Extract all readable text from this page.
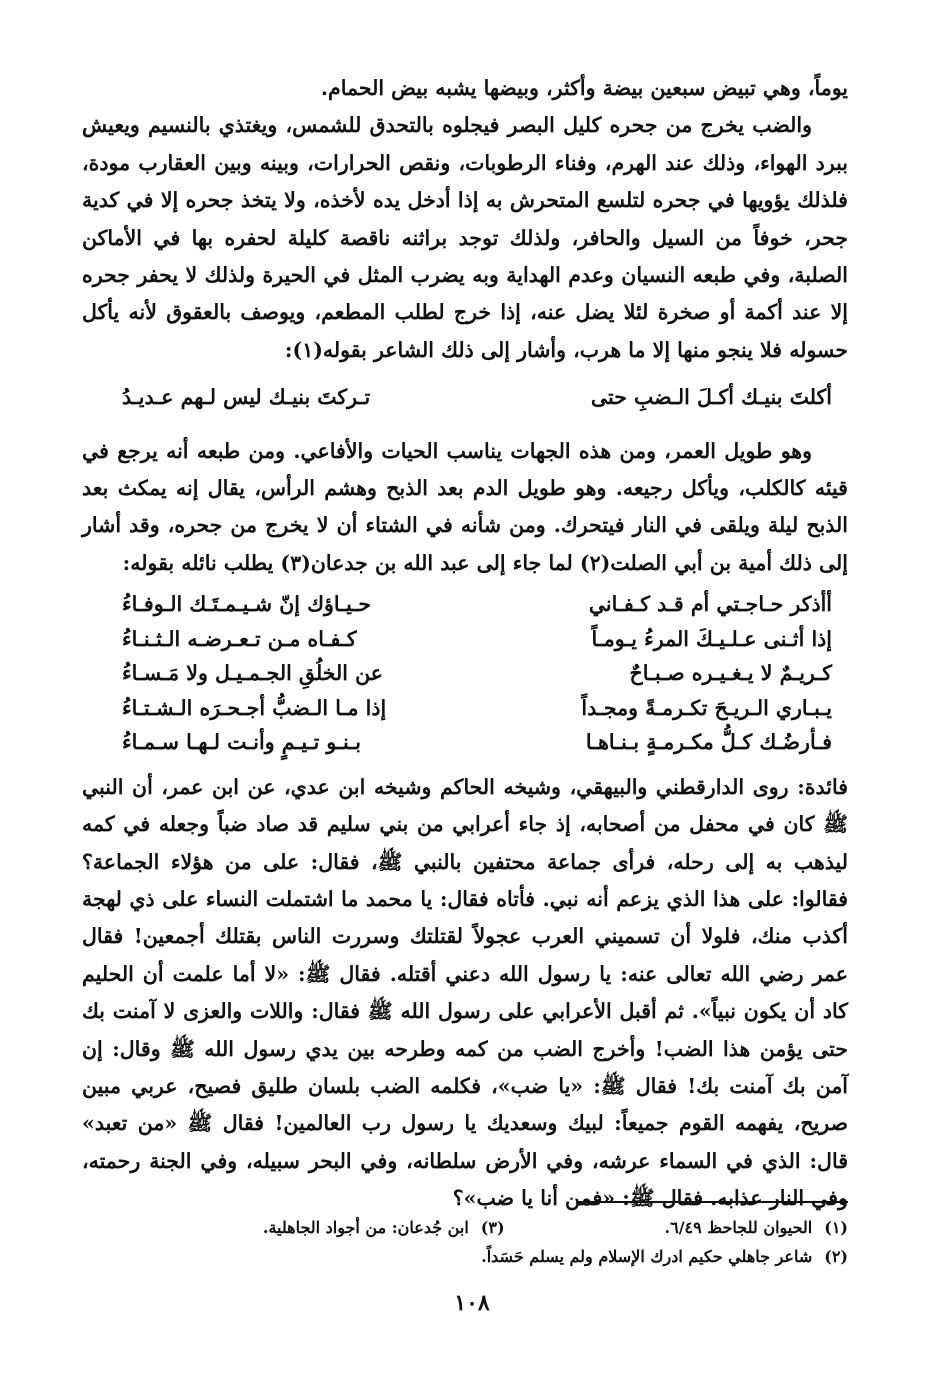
يوماً، وهي تبيض سبعين بيضة وأكثر، وبيضها يشبه بيض الحمام.

والضب يخرج من جحره كليل البصر فيجلوه بالتحدق للشمس، ويغتذي بالنسيم ويعيش ببرد الهواء، وذلك عند الهرم، وفناء الرطوبات، ونقص الحرارات، وبينه وبين العقارب مودة، فلذلك يؤويها في جحره لتلسع المتحرش به إذا أدخل يده لأخذه، ولا يتخذ جحره إلا في كدية جحر، خوفاً من السيل والحافر، ولذلك توجد براثنه ناقصة كليلة لحفره بها في الأماكن الصلبة، وفي طبعه النسيان وعدم الهداية وبه يضرب المثل في الحيرة ولذلك لا يحفر جحره إلا عند أكمة أو صخرة لئلا يضل عنه، إذا خرج لطلب المطعم، ويوصف بالعقوق لأنه يأكل حسوله فلا ينجو منها إلا ما هرب، وأشار إلى ذلك الشاعر بقوله(١):

أكلتَ بنيـك أكـلَ الـضبِ حتى
تـركتَ بنيـك ليس لـهم عـديـدُ

وهو طويل العمر، ومن هذه الجهات يناسب الحيات والأفاعي. ومن طبعه أنه يرجع في قيئه كالكلب، ويأكل رجيعه. وهو طويل الدم بعد الذبح وهشم الرأس، يقال إنه يمكث بعد الذبح ليلة ويلقى في النار فيتحرك. ومن شأنه في الشتاء أن لا يخرج من جحره، وقد أشار إلى ذلك أمية بن أبي الصلت(٢) لما جاء إلى عبد الله بن جدعان(٣) يطلب نائله بقوله:

أأذكر حـاجـتي أم قـد كـفـاني
حـيـاؤك إنّ شـيـمـتَـك الـوفـاءُ
إذا أثـنى عـلـيـكَ المرءُ يـومـاً
كـفـاه مـن تـعـرضـه الـثـنـاءُ
كـريـمٌ لا يـغـيـره صـبـاحٌ
عن الخلُقِ الجـمـيـل ولا مَـسـاءُ
يـبـاري الـريـحَ تكـرمـةً ومجـداً
إذا مـا الـضبُّ أجـحـرَه الـشـتـاءُ
فـأرضُـك كـلُّ مكـرمـةٍ بـنـاهـا
بـنـو تـيـمٍ وأنـت لـهـا سـمـاءُ

فائدة: روى الدارقطني والبيهقي، وشيخه الحاكم وشيخه ابن عدي، عن ابن عمر، أن النبي ﷺ كان في محفل من أصحابه، إذ جاء أعرابي من بني سليم قد صاد ضباً وجعله في كمه ليذهب به إلى رحله، فرأى جماعة محتفين بالنبي ﷺ، فقال: على من هؤلاء الجماعة؟ فقالوا: على هذا الذي يزعم أنه نبي. فأتاه فقال: يا محمد ما اشتملت النساء على ذي لهجة أكذب منك، فلولا أن تسميني العرب عجولاً لقتلتك وسررت الناس بقتلك أجمعين! فقال عمر رضي الله تعالى عنه: يا رسول الله دعني أقتله. فقال ﷺ: «لا أما علمت أن الحليم كاد أن يكون نبياً». ثم أقبل الأعرابي على رسول الله ﷺ فقال: واللات والعزى لا آمنت بك حتى يؤمن هذا الضب! وأخرج الضب من كمه وطرحه بين يدي رسول الله ﷺ وقال: إن آمن بك آمنت بك! فقال ﷺ: «يا ضب»، فكلمه الضب بلسان طليق فصيح، عربي مبين صريح، يفهمه القوم جميعاً: لبيك وسعديك يا رسول رب العالمين! فقال ﷺ «من تعبد» قال: الذي في السماء عرشه، وفي الأرض سلطانه، وفي البحر سبيله، وفي الجنة رحمته، وفي النار عذابه. فقال ﷺ: «فمن أنا يا ضب»؟

(١)الحيوان للجاحظ ٦/٤٩.
(٣)ابن جُدعان: من أجواد الجاهلية.
(٢)شاعر جاهلي حكيم ادرك الإسلام ولم يسلم حَسَداً.
١٠٨
